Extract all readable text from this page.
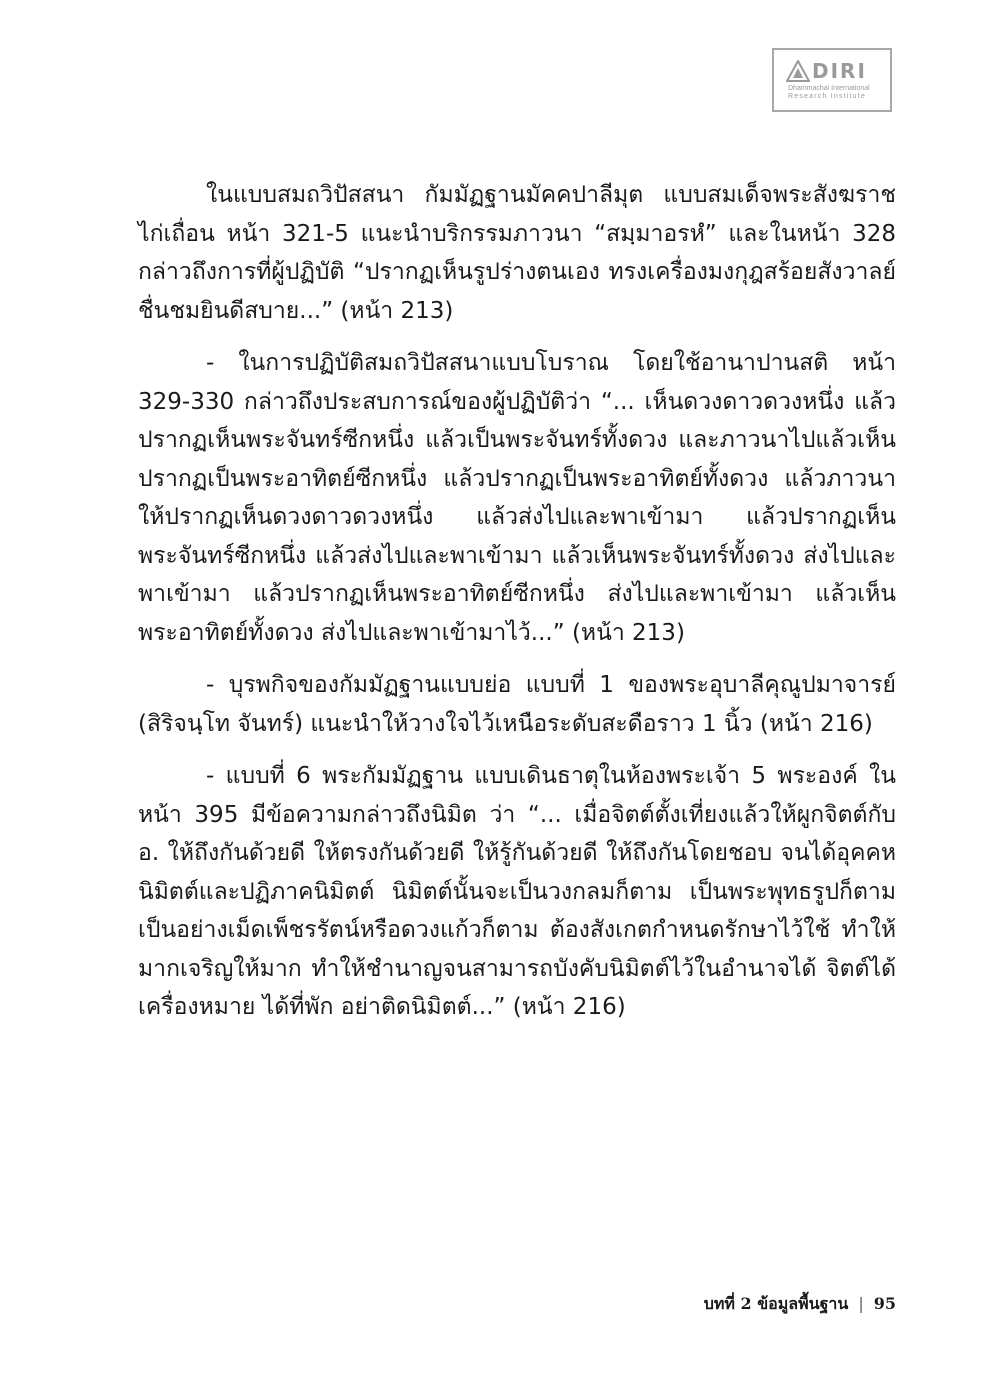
DIRI
Dhammachai International
Research Institute

ในแบบสมถวิปัสสนา กัมมัฏฐานมัคคปาลีมุต แบบสมเด็จพระสังฆราช ไก่เถื่อน หน้า 321-5 แนะนำบริกรรมภาวนา “สมฺมาอรหํ” และในหน้า 328 กล่าวถึงการที่ผู้ปฏิบัติ “ปรากฏเห็นรูปร่างตนเอง ทรงเครื่องมงกุฎสร้อยสังวาลย์ ชื่นชมยินดีสบาย...” (หน้า 213)

- ในการปฏิบัติสมถวิปัสสนาแบบโบราณ โดยใช้อานาปานสติ หน้า 329-330 กล่าวถึงประสบการณ์ของผู้ปฏิบัติว่า “... เห็นดวงดาวดวงหนึ่ง แล้วปรากฏเห็นพระจันทร์ซีกหนึ่ง แล้วเป็นพระจันทร์ทั้งดวง และภาวนาไปแล้วเห็นปรากฏเป็นพระอาทิตย์ซีกหนึ่ง แล้วปรากฏเป็นพระอาทิตย์ทั้งดวง แล้วภาวนาให้ปรากฏเห็นดวงดาวดวงหนึ่ง แล้วส่งไปและพาเข้ามา แล้วปรากฏเห็นพระจันทร์ซีกหนึ่ง แล้วส่งไปและพาเข้ามา แล้วเห็นพระจันทร์ทั้งดวง ส่งไปและพาเข้ามา แล้วปรากฏเห็นพระอาทิตย์ซีกหนึ่ง ส่งไปและพาเข้ามา แล้วเห็นพระอาทิตย์ทั้งดวง ส่งไปและพาเข้ามาไว้...” (หน้า 213)

- บุรพกิจของกัมมัฏฐานแบบย่อ แบบที่ 1 ของพระอุบาลีคุณูปมาจารย์ (สิริจนฺโท จันทร์) แนะนำให้วางใจไว้เหนือระดับสะดือราว 1 นิ้ว (หน้า 216)

- แบบที่ 6 พระกัมมัฏฐาน แบบเดินธาตุในห้องพระเจ้า 5 พระองค์ ในหน้า 395 มีข้อความกล่าวถึงนิมิต ว่า “... เมื่อจิตต์ตั้งเที่ยงแล้วให้ผูกจิตต์กับ อ. ให้ถึงกันด้วยดี ให้ตรงกันด้วยดี ให้รู้กันด้วยดี ให้ถึงกันโดยชอบ จนได้อุคคหนิมิตต์และปฏิภาคนิมิตต์ นิมิตต์นั้นจะเป็นวงกลมก็ตาม เป็นพระพุทธรูปก็ตาม เป็นอย่างเม็ดเพ็ชรรัตน์หรือดวงแก้วก็ตาม ต้องสังเกตกำหนดรักษาไว้ใช้ ทำให้มากเจริญให้มาก ทำให้ชำนาญจนสามารถบังคับนิมิตต์ไว้ในอำนาจได้ จิตต์ได้เครื่องหมาย ได้ที่พัก อย่าติดนิมิตต์...” (หน้า 216)

บทที่ 2 ข้อมูลพื้นฐาน | 95
